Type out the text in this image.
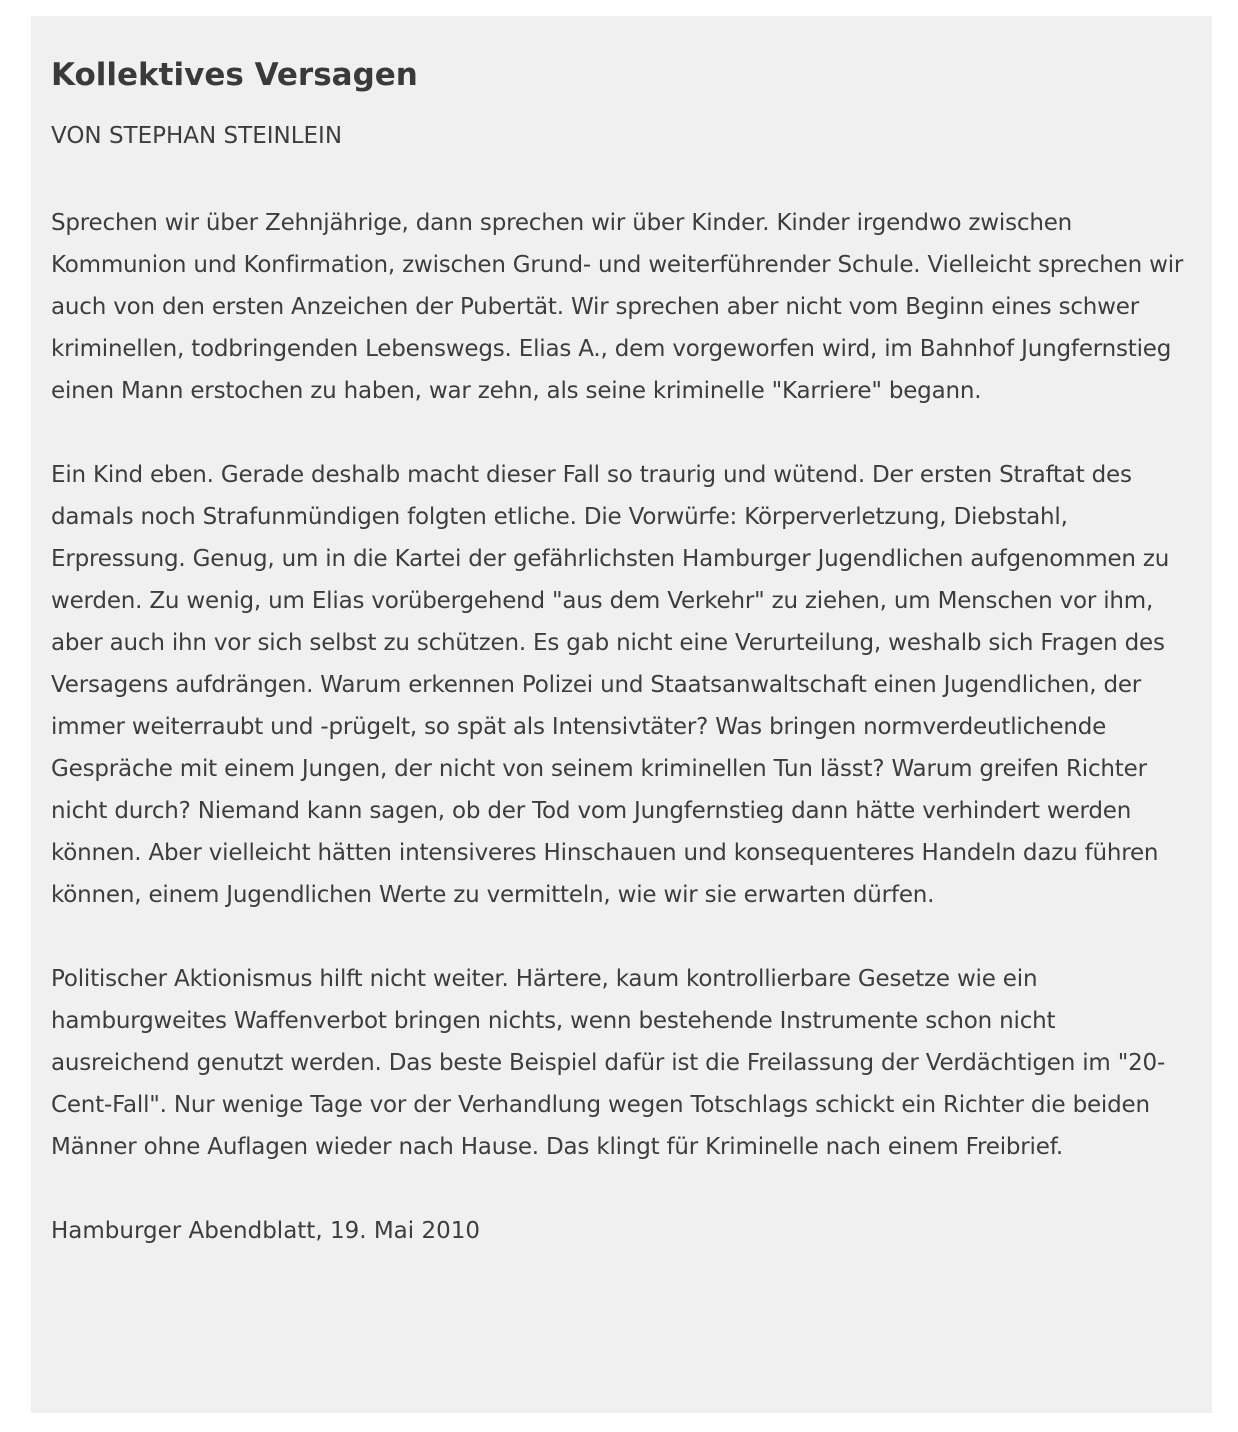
Kollektives Versagen

VON STEPHAN STEINLEIN

Sprechen wir über Zehnjährige, dann sprechen wir über Kinder. Kinder irgendwo zwischen Kommunion und Konfirmation, zwischen Grund- und weiterführender Schule. Vielleicht sprechen wir auch von den ersten Anzeichen der Pubertät. Wir sprechen aber nicht vom Beginn eines schwer kriminellen, todbringenden Lebenswegs. Elias A., dem vorgeworfen wird, im Bahnhof Jungfernstieg einen Mann erstochen zu haben, war zehn, als seine kriminelle "Karriere" begann.

Ein Kind eben. Gerade deshalb macht dieser Fall so traurig und wütend. Der ersten Straftat des damals noch Strafunmündigen folgten etliche. Die Vorwürfe: Körperverletzung, Diebstahl, Erpressung. Genug, um in die Kartei der gefährlichsten Hamburger Jugendlichen aufgenommen zu werden. Zu wenig, um Elias vorübergehend "aus dem Verkehr" zu ziehen, um Menschen vor ihm, aber auch ihn vor sich selbst zu schützen. Es gab nicht eine Verurteilung, weshalb sich Fragen des Versagens aufdrängen. Warum erkennen Polizei und Staatsanwaltschaft einen Jugendlichen, der immer weiterraubt und -prügelt, so spät als Intensivtäter? Was bringen normverdeutlichende Gespräche mit einem Jungen, der nicht von seinem kriminellen Tun lässt? Warum greifen Richter nicht durch? Niemand kann sagen, ob der Tod vom Jungfernstieg dann hätte verhindert werden können. Aber vielleicht hätten intensiveres Hinschauen und konsequenteres Handeln dazu führen können, einem Jugendlichen Werte zu vermitteln, wie wir sie erwarten dürfen.

Politischer Aktionismus hilft nicht weiter. Härtere, kaum kontrollierbare Gesetze wie ein hamburgweites Waffenverbot bringen nichts, wenn bestehende Instrumente schon nicht ausreichend genutzt werden. Das beste Beispiel dafür ist die Freilassung der Verdächtigen im "20-Cent-Fall". Nur wenige Tage vor der Verhandlung wegen Totschlags schickt ein Richter die beiden Männer ohne Auflagen wieder nach Hause. Das klingt für Kriminelle nach einem Freibrief.

Hamburger Abendblatt, 19. Mai 2010
